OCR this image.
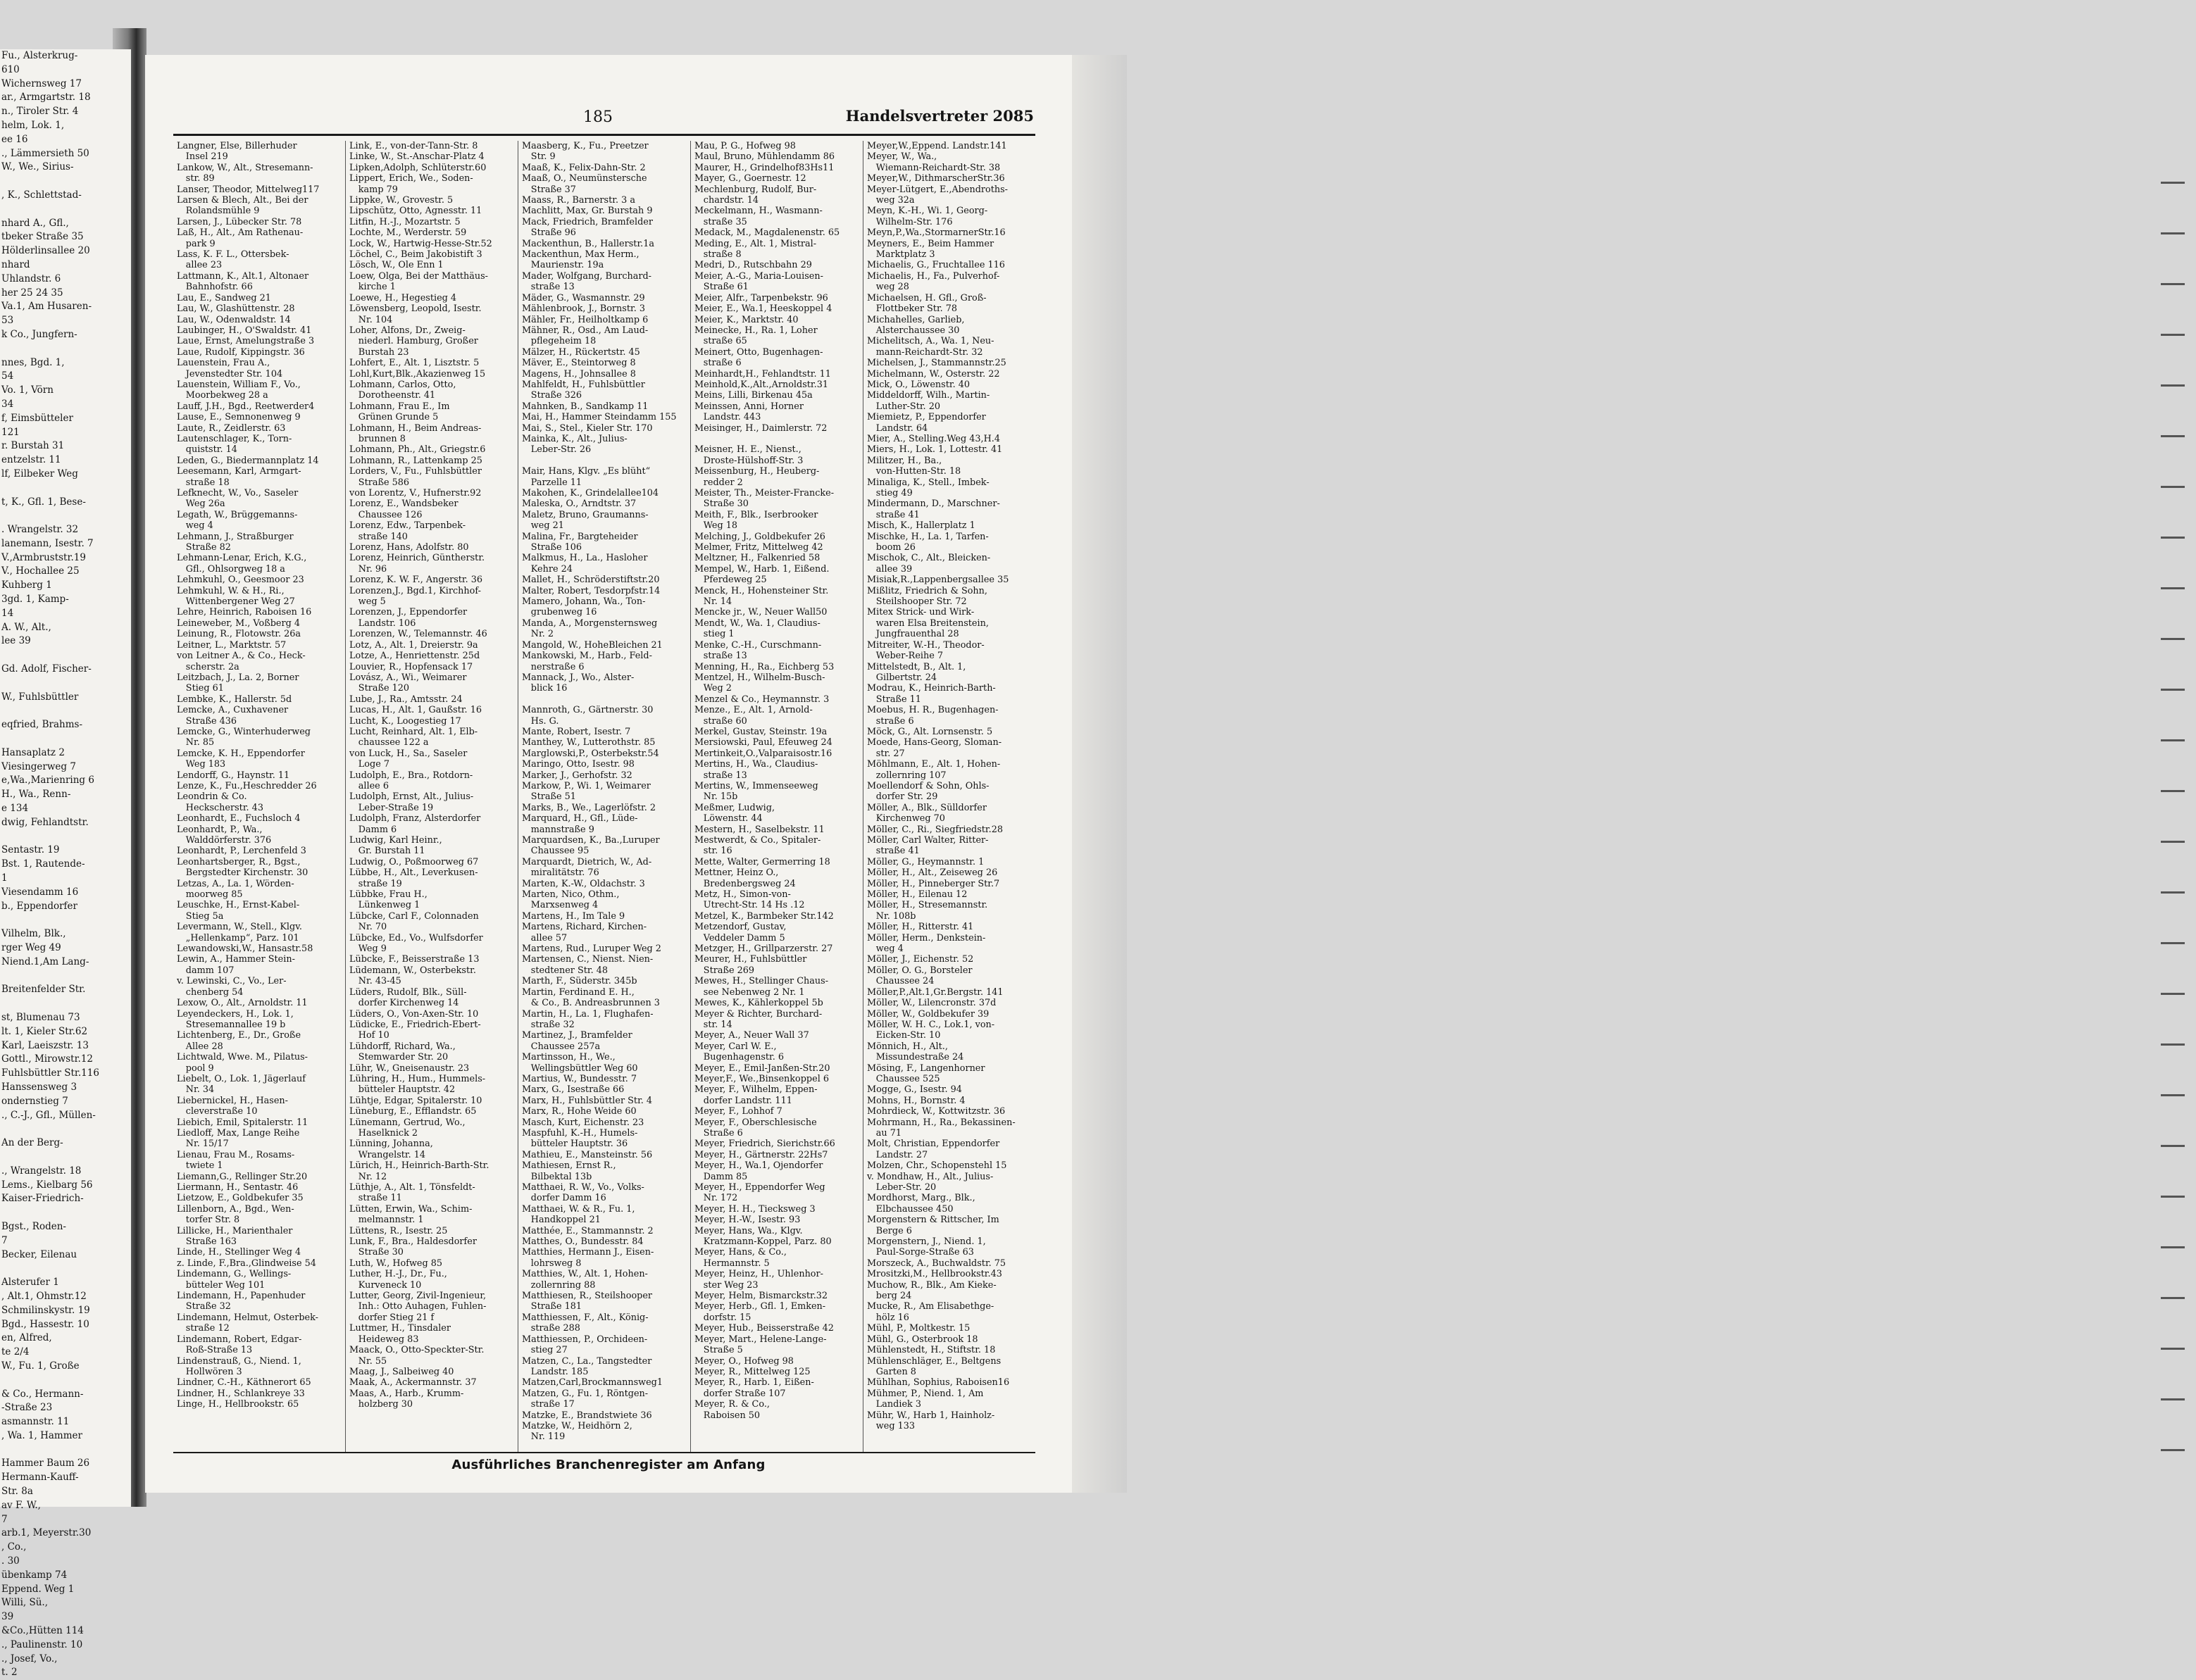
Fu., Alsterkrug-
610
Wichernsweg 17
ar., Armgartstr. 18
n., Tiroler Str. 4
helm, Lok. 1,
ee 16
., Lämmersieth 50
W., We., Sirius-

, K., Schlettstad-

nhard A., Gfl.,
tbeker Straße 35
Hölderlinsallee 20
nhard
Uhlandstr. 6
her 25 24 35
Va.1, Am Husaren-
53
k Co., Jungfern-

nnes, Bgd. 1,
54
Vo. 1, Vörn
34
f, Eimsbütteler
121
r. Burstah 31
entzelstr. 11
lf, Eilbeker Weg

t, K., Gfl. 1, Bese-

. Wrangelstr. 32
lanemann, Isestr. 7
V.,Armbruststr.19
V., Hochallee 25
Kuhberg 1
3gd. 1, Kamp-
14
A. W., Alt.,
lee 39

Gd. Adolf, Fischer-

W., Fuhlsbüttler

eqfried, Brahms-

Hansaplatz 2
Viesingerweg 7
e,Wa.,Marienring 6
H., Wa., Renn-
e 134
dwig, Fehlandtstr.

Sentastr. 19
Bst. 1, Rautende-
1
Viesendamm 16
b., Eppendorfer

Vilhelm, Blk.,
rger Weg 49
Niend.1,Am Lang-

Breitenfelder Str.

st, Blumenau 73
lt. 1, Kieler Str.62
Karl, Laeiszstr. 13
Gottl., Mirowstr.12
Fuhlsbüttler Str.116
Hanssensweg 3
ondernstieg 7
., C.-J., Gfl., Müllen-

An der Berg-

., Wrangelstr. 18
Lems., Kielbarg 56
Kaiser-Friedrich-

Bgst., Roden-
7
Becker, Eilenau

Alsterufer 1
, Alt.1, Ohmstr.12
Schmilinskystr. 19
Bgd., Hassestr. 10
en, Alfred,
te 2/4
W., Fu. 1, Große

& Co., Hermann-
-Straße 23
asmannstr. 11
, Wa. 1, Hammer

Hammer Baum 26
Hermann-Kauff-
Str. 8a
av F. W.,
7
arb.1, Meyerstr.30
, Co.,
. 30
übenkamp 74
Eppend. Weg 1
Willi, Sü.,
39
&Co.,Hütten 114
., Paulinenstr. 10
., Josef, Vo.,
t. 2
185	Handelsvertreter 2085
Langner, Else, Billerhuder
 Insel 219
Lankow, W., Alt., Stresemann-
 str. 89
Lanser, Theodor, Mittelweg117
Larsen & Blech, Alt., Bei der
 Rolandsmühle 9
Larsen, J., Lübecker Str. 78
Laß, H., Alt., Am Rathenau-
 park 9
Lass, K. F. L., Ottersbek-
 allee 23
Lattmann, K., Alt.1, Altonaer
 Bahnhofstr. 66
Lau, E., Sandweg 21
Lau, W., Glashüttenstr. 28
Lau, W., Odenwaldstr. 14
Laubinger, H., O'Swaldstr. 41
Laue, Ernst, Amelungstraße 3
Laue, Rudolf, Kippingstr. 36
Lauenstein, Frau A.,
 Jevenstedter Str. 104
Lauenstein, William F., Vo.,
 Moorbekweg 28 a
Lauff, J.H., Bgd., Reetwerder4
Lause, E., Semnonenweg 9
Laute, R., Zeidlerstr. 63
Lautenschlager, K., Torn-
 quiststr. 14
Leden, G., Biedermannplatz 14
Leesemann, Karl, Armgart-
 straße 18
Lefknecht, W., Vo., Saseler
 Weg 26a
Legath, W., Brüggemanns-
 weg 4
Lehmann, J., Straßburger
 Straße 82
Lehmann-Lenar, Erich, K.G.,
 Gfl., Ohlsorgweg 18 a
Lehmkuhl, O., Geesmoor 23
Lehmkuhl, W. & H., Ri.,
 Wittenbergener Weg 27
Lehre, Heinrich, Raboisen 16
Leineweber, M., Voßberg 4
Leinung, R., Flotowstr. 26a
Leitner, L., Marktstr. 57
von Leitner A., & Co., Heck-
 scherstr. 2a
Leitzbach, J., La. 2, Borner
 Stieg 61
Lembke, K., Hallerstr. 5d
Lemcke, A., Cuxhavener
 Straße 436
Lemcke, G., Winterhuderweg
 Nr. 85
Lemcke, K. H., Eppendorfer
 Weg 183
Lendorff, G., Haynstr. 11
Lenze, K., Fu.,Heschredder 26
Leondrin & Co.
 Heckscherstr. 43
Leonhardt, E., Fuchsloch 4
Leonhardt, P., Wa.,
 Walddörferstr. 376
Leonhardt, P., Lerchenfeld 3
Leonhartsberger, R., Bgst.,
 Bergstedter Kirchenstr. 30
Letzas, A., La. 1, Wörden-
 moorweg 85
Leuschke, H., Ernst-Kabel-
 Stieg 5a
Levermann, W., Stell., Klgv.
 „Hellenkamp“, Parz. 101
Lewandowski,W., Hansastr.58
Lewin, A., Hammer Stein-
 damm 107
v. Lewinski, C., Vo., Ler-
 chenberg 54
Lexow, O., Alt., Arnoldstr. 11
Leyendeckers, H., Lok. 1,
 Stresemannallee 19 b
Lichtenberg, E., Dr., Große
 Allee 28
Lichtwald, Wwe. M., Pilatus-
 pool 9
Liebelt, O., Lok. 1, Jägerlauf
 Nr. 34
Liebernickel, H., Hasen-
 cleverstraße 10
Liebich, Emil, Spitalerstr. 11
Liedloff, Max, Lange Reihe
 Nr. 15/17
Lienau, Frau M., Rosams-
 twiete 1
Liemann,G., Rellinger Str.20
Liermann, H., Sentastr. 46
Lietzow, E., Goldbekufer 35
Lillenborn, A., Bgd., Wen-
 torfer Str. 8
Lillicke, H., Marienthaler
 Straße 163
Linde, H., Stellinger Weg 4
z. Linde, F.,Bra.,Glindweise 54
Lindemann, G., Wellings-
 bütteler Weg 101
Lindemann, H., Papenhuder
 Straße 32
Lindemann, Helmut, Osterbek-
 straße 12
Lindemann, Robert, Edgar-
 Roß-Straße 13
Lindenstrauß, G., Niend. 1,
 Hollwören 3
Lindner, C.-H., Käthnerort 65
Lindner, H., Schlankreye 33
Linge, H., Hellbrookstr. 65
Link, E., von-der-Tann-Str. 8
Linke, W., St.-Anschar-Platz 4
Lipken,Adolph, Schlüterstr.60
Lippert, Erich, We., Soden-
 kamp 79
Lippke, W., Grovestr. 5
Lipschütz, Otto, Agnesstr. 11
Litfin, H.-J., Mozartstr. 5
Lochte, M., Werderstr. 59
Lock, W., Hartwig-Hesse-Str.52
Löchel, C., Beim Jakobistift 3
Lösch, W., Ole Enn 1
Loew, Olga, Bei der Matthäus-
 kirche 1
Loewe, H., Hegestieg 4
Löwensberg, Leopold, Isestr.
 Nr. 104
Loher, Alfons, Dr., Zweig-
 niederl. Hamburg, Großer
 Burstah 23
Lohfert, E., Alt. 1, Lisztstr. 5
Lohl,Kurt,Blk.,Akazienweg 15
Lohmann, Carlos, Otto,
 Dorotheenstr. 41
Lohmann, Frau E., Im
 Grünen Grunde 5
Lohmann, H., Beim Andreas-
 brunnen 8
Lohmann, Ph., Alt., Griegstr.6
Lohmann, R., Lattenkamp 25
Lorders, V., Fu., Fuhlsbüttler
 Straße 586
von Lorentz, V., Hufnerstr.92
Lorenz, E., Wandsbeker
 Chaussee 126
Lorenz, Edw., Tarpenbek-
 straße 140
Lorenz, Hans, Adolfstr. 80
Lorenz, Heinrich, Güntherstr.
 Nr. 96
Lorenz, K. W. F., Angerstr. 36
Lorenzen,J., Bgd.1, Kirchhof-
 weg 5
Lorenzen, J., Eppendorfer
 Landstr. 106
Lorenzen, W., Telemannstr. 46
Lotz, A., Alt. 1, Dreierstr. 9a
Lotze, A., Henriettenstr. 25d
Louvier, R., Hopfensack 17
Lovász, A., Wi., Weimarer
 Straße 120
Lube, J., Ra., Amtsstr. 24
Lucas, H., Alt. 1, Gaußstr. 16
Lucht, K., Loogestieg 17
Lucht, Reinhard, Alt. 1, Elb-
 chaussee 122 a
von Luck, H., Sa., Saseler
 Loge 7
Ludolph, E., Bra., Rotdorn-
 allee 6
Ludolph, Ernst, Alt., Julius-
 Leber-Straße 19
Ludolph, Franz, Alsterdorfer
 Damm 6
Ludwig, Karl Heinr.,
 Gr. Burstah 11
Ludwig, O., Poßmoorweg 67
Lübbe, H., Alt., Leverkusen-
 straße 19
Lübbke, Frau H.,
 Lünkenweg 1
Lübcke, Carl F., Colonnaden
 Nr. 70
Lübcke, Ed., Vo., Wulfsdorfer
 Weg 9
Lübcke, F., Beisserstraße 13
Lüdemann, W., Osterbekstr.
 Nr. 43-45
Lüders, Rudolf, Blk., Süll-
 dorfer Kirchenweg 14
Lüders, O., Von-Axen-Str. 10
Lüdicke, E., Friedrich-Ebert-
 Hof 10
Lühdorff, Richard, Wa.,
 Stemwarder Str. 20
Lühr, W., Gneisenaustr. 23
Lühring, H., Hum., Hummels-
 bütteler Hauptstr. 42
Lühtje, Edgar, Spitalerstr. 10
Lüneburg, E., Efflandstr. 65
Lünemann, Gertrud, Wo.,
 Haselknick 2
Lünning, Johanna,
 Wrangelstr. 14
Lürich, H., Heinrich-Barth-Str.
 Nr. 12
Lüthje, A., Alt. 1, Tönsfeldt-
 straße 11
Lütten, Erwin, Wa., Schim-
 melmannstr. 1
Lüttens, R., Isestr. 25
Lunk, F., Bra., Haldesdorfer
 Straße 30
Luth, W., Hofweg 85
Luther, H.-J., Dr., Fu.,
 Kurveneck 10
Lutter, Georg, Zivil-Ingenieur,
 Inh.: Otto Auhagen, Fuhlen-
 dorfer Stieg 21 f
Luttmer, H., Tinsdaler
 Heideweg 83
Maack, O., Otto-Speckter-Str.
 Nr. 55
Maag, J., Salbeiweg 40
Maak, A., Ackermannstr. 37
Maas, A., Harb., Krumm-
 holzberg 30
Maasberg, K., Fu., Preetzer
 Str. 9
Maaß, K., Felix-Dahn-Str. 2
Maaß, O., Neumünstersche
 Straße 37
Maass, R., Barnerstr. 3 a
Machlitt, Max, Gr. Burstah 9
Mack, Friedrich, Bramfelder
 Straße 96
Mackenthun, B., Hallerstr.1a
Mackenthun, Max Herm.,
 Maurienstr. 19a
Mader, Wolfgang, Burchard-
 straße 13
Mäder, G., Wasmannstr. 29
Mählenbrook, J., Bornstr. 3
Mähler, Fr., Heilholtkamp 6
Mähner, R., Osd., Am Laud-
 pflegeheim 18
Mälzer, H., Rückertstr. 45
Mäver, E., Steintorweg 8
Magens, H., Johnsallee 8
Mahlfeldt, H., Fuhlsbüttler
 Straße 326
Mahnken, B., Sandkamp 11
Mai, H., Hammer Steindamm 155
Mai, S., Stel., Kieler Str. 170
Mainka, K., Alt., Julius-
 Leber-Str. 26

Mair, Hans, Klgv. „Es blüht“
 Parzelle 11
Makohen, K., Grindelallee104
Maleska, O., Arndtstr. 37
Maletz, Bruno, Graumanns-
 weg 21
Malina, Fr., Bargteheider
 Straße 106
Malkmus, H., La., Hasloher
 Kehre 24
Mallet, H., Schröderstiftstr.20
Malter, Robert, Tesdorpfstr.14
Mamero, Johann, Wa., Ton-
 grubenweg 16
Manda, A., Morgensternsweg
 Nr. 2
Mangold, W., HoheBleichen 21
Mankowski, M., Harb., Feld-
 nerstraße 6
Mannack, J., Wo., Alster-
 blick 16

Mannroth, G., Gärtnerstr. 30
 Hs. G.
Mante, Robert, Isestr. 7
Manthey, W., Lutterothstr. 85
Marglowski,P., Osterbekstr.54
Maringo, Otto, Isestr. 98
Marker, J., Gerhofstr. 32
Markow, P., Wi. 1, Weimarer
 Straße 51
Marks, B., We., Lagerlöfstr. 2
Marquard, H., Gfl., Lüde-
 mannstraße 9
Marquardsen, K., Ba.,Luruper
 Chaussee 95
Marquardt, Dietrich, W., Ad-
 miralitätstr. 76
Marten, K.-W., Oldachstr. 3
Marten, Nico, Othm.,
 Marxsenweg 4
Martens, H., Im Tale 9
Martens, Richard, Kirchen-
 allee 57
Martens, Rud., Luruper Weg 2
Martensen, C., Nienst. Nien-
 stedtener Str. 48
Marth, F., Süderstr. 345b
Martin, Ferdinand E. H.,
 & Co., B. Andreasbrunnen 3
Martin, H., La. 1, Flughafen-
 straße 32
Martinez, J., Bramfelder
 Chaussee 257a
Martinsson, H., We.,
 Wellingsbüttler Weg 60
Martius, W., Bundesstr. 7
Marx, G., Isestraße 66
Marx, H., Fuhlsbüttler Str. 4
Marx, R., Hohe Weide 60
Masch, Kurt, Eichenstr. 23
Maspfuhl, K.-H., Humels-
 bütteler Hauptstr. 36
Mathieu, E., Mansteinstr. 56
Mathiesen, Ernst R.,
 Bilbektal 13b
Matthaei, R. W., Vo., Volks-
 dorfer Damm 16
Matthaei, W. & R., Fu. 1,
 Handkoppel 21
Matthée, E., Stammannstr. 2
Matthes, O., Bundesstr. 84
Matthies, Hermann J., Eisen-
 lohrsweg 8
Matthies, W., Alt. 1, Hohen-
 zollernring 88
Matthiesen, R., Steilshooper
 Straße 181
Matthiessen, F., Alt., König-
 straße 288
Matthiessen, P., Orchideen-
 stieg 27
Matzen, C., La., Tangstedter
 Landstr. 185
Matzen,Carl,Brockmannsweg1
Matzen, G., Fu. 1, Röntgen-
 straße 17
Matzke, E., Brandstwiete 36
Matzke, W., Heidhörn 2,
 Nr. 119
Mau, P. G., Hofweg 98
Maul, Bruno, Mühlendamm 86
Maurer, H., Grindelhof83Hs11
Mayer, G., Goernestr. 12
Mechlenburg, Rudolf, Bur-
 chardstr. 14
Meckelmann, H., Wasmann-
 straße 35
Medack, M., Magdalenenstr. 65
Meding, E., Alt. 1, Mistral-
 straße 8
Medri, D., Rutschbahn 29
Meier, A.-G., Maria-Louisen-
 Straße 61
Meier, Alfr., Tarpenbekstr. 96
Meier, E., Wa.1, Heeskoppel 4
Meier, K., Marktstr. 40
Meinecke, H., Ra. 1, Loher
 straße 65
Meinert, Otto, Bugenhagen-
 straße 6
Meinhardt,H., Fehlandtstr. 11
Meinhold,K.,Alt.,Arnoldstr.31
Meins, Lilli, Birkenau 45a
Meinssen, Anni, Horner
 Landstr. 443
Meisinger, H., Daimlerstr. 72

Meisner, H. E., Nienst.,
 Droste-Hülshoff-Str. 3
Meissenburg, H., Heuberg-
 redder 2
Meister, Th., Meister-Francke-
 Straße 30
Meith, F., Blk., Iserbrooker
 Weg 18
Melching, J., Goldbekufer 26
Melmer, Fritz, Mittelweg 42
Meltzner, H., Falkenried 58
Mempel, W., Harb. 1, Eißend.
 Pferdeweg 25
Menck, H., Hohensteiner Str.
 Nr. 14
Mencke jr., W., Neuer Wall50
Mendt, W., Wa. 1, Claudius-
 stieg 1
Menke, C.-H., Curschmann-
 straße 13
Menning, H., Ra., Eichberg 53
Mentzel, H., Wilhelm-Busch-
 Weg 2
Menzel & Co., Heymannstr. 3
Menze., E., Alt. 1, Arnold-
 straße 60
Merkel, Gustav, Steinstr. 19a
Mersiowski, Paul, Efeuweg 24
Mertinkeit,O.,Valparaisostr.16
Mertins, H., Wa., Claudius-
 straße 13
Mertins, W., Immenseeweg
 Nr. 15b
Meßmer, Ludwig,
 Löwenstr. 44
Mestern, H., Saselbekstr. 11
Mestwerdt, & Co., Spitaler-
 str. 16
Mette, Walter, Germerring 18
Mettner, Heinz O.,
 Bredenbergsweg 24
Metz, H., Simon-von-
 Utrecht-Str. 14 Hs .12
Metzel, K., Barmbeker Str.142
Metzendorf, Gustav,
 Veddeler Damm 5
Metzger, H., Grillparzerstr. 27
Meurer, H., Fuhlsbüttler
 Straße 269
Mewes, H., Stellinger Chaus-
 see Nebenweg 2 Nr. 1
Mewes, K., Kählerkoppel 5b
Meyer & Richter, Burchard-
 str. 14
Meyer, A., Neuer Wall 37
Meyer, Carl W. E.,
 Bugenhagenstr. 6
Meyer, E., Emil-Janßen-Str.20
Meyer,F., We.,Binsenkoppel 6
Meyer, F., Wilhelm, Eppen-
 dorfer Landstr. 111
Meyer, F., Lohhof 7
Meyer, F., Oberschlesische
 Straße 6
Meyer, Friedrich, Sierichstr.66
Meyer, H., Gärtnerstr. 22Hs7
Meyer, H., Wa.1, Ojendorfer
 Damm 85
Meyer, H., Eppendorfer Weg
 Nr. 172
Meyer, H. H., Tiecksweg 3
Meyer, H.-W., Isestr. 93
Meyer, Hans, Wa., Klgv.
 Kratzmann-Koppel, Parz. 80
Meyer, Hans, & Co.,
 Hermannstr. 5
Meyer, Heinz, H., Uhlenhor-
 ster Weg 23
Meyer, Helm, Bismarckstr.32
Meyer, Herb., Gfl. 1, Emken-
 dorfstr. 15
Meyer, Hub., Beisserstraße 42
Meyer, Mart., Helene-Lange-
 Straße 5
Meyer, O., Hofweg 98
Meyer, R., Mittelweg 125
Meyer, R., Harb. 1, Eißen-
 dorfer Straße 107
Meyer, R. & Co.,
 Raboisen 50
Meyer,W.,Eppend. Landstr.141
Meyer, W., Wa.,
 Wiemann-Reichardt-Str. 38
Meyer,W., DithmarscherStr.36
Meyer-Lütgert, E.,Abendroths-
 weg 32a
Meyn, K.-H., Wi. 1, Georg-
 Wilhelm-Str. 176
Meyn,P.,Wa.,StormarnerStr.16
Meyners, E., Beim Hammer
 Marktplatz 3
Michaelis, G., Fruchtallee 116
Michaelis, H., Fa., Pulverhof-
 weg 28
Michaelsen, H. Gfl., Groß-
 Flottbeker Str. 78
Michahelles, Garlieb,
 Alsterchaussee 30
Michelitsch, A., Wa. 1, Neu-
 mann-Reichardt-Str. 32
Michelsen, J., Stammannstr.25
Michelmann, W., Osterstr. 22
Mick, O., Löwenstr. 40
Middeldorff, Wilh., Martin-
 Luther-Str. 20
Miemietz, P., Eppendorfer
 Landstr. 64
Mier, A., Stelling.Weg 43,H.4
Miers, H., Lok. 1, Lottestr. 41
Militzer, H., Ba.,
 von-Hutten-Str. 18
Minaliga, K., Stell., Imbek-
 stieg 49
Mindermann, D., Marschner-
 straße 41
Misch, K., Hallerplatz 1
Mischke, H., La. 1, Tarfen-
 boom 26
Mischok, C., Alt., Bleicken-
 allee 39
Misiak,R.,Lappenbergsallee 35
Mißlitz, Friedrich & Sohn,
 Steilshooper Str. 72
Mitex Strick- und Wirk-
 waren Elsa Breitenstein,
 Jungfrauenthal 28
Mitreiter, W.-H., Theodor-
 Weber-Reihe 7
Mittelstedt, B., Alt. 1,
 Gilbertstr. 24
Modrau, K., Heinrich-Barth-
 Straße 11
Moebus, H. R., Bugenhagen-
 straße 6
Möck, G., Alt. Lornsenstr. 5
Moede, Hans-Georg, Sloman-
 str. 27
Möhlmann, E., Alt. 1, Hohen-
 zollernring 107
Moellendorf & Sohn, Ohls-
 dorfer Str. 29
Möller, A., Blk., Sülldorfer
 Kirchenweg 70
Möller, C., Ri., Siegfriedstr.28
Möller, Carl Walter, Ritter-
 straße 41
Möller, G., Heymannstr. 1
Möller, H., Alt., Zeiseweg 26
Möller, H., Pinneberger Str.7
Möller, H., Eilenau 12
Möller, H., Stresemannstr.
 Nr. 108b
Möller, H., Ritterstr. 41
Möller, Herm., Denkstein-
 weg 4
Möller, J., Eichenstr. 52
Möller, O. G., Borsteler
 Chaussee 24
Möller,P.,Alt.1,Gr.Bergstr. 141
Möller, W., Lilencronstr. 37d
Möller, W., Goldbekufer 39
Möller, W. H. C., Lok.1, von-
 Eicken-Str. 10
Mönnich, H., Alt.,
 Missundestraße 24
Mösing, F., Langenhorner
 Chaussee 525
Mogge, G., Isestr. 94
Mohns, H., Bornstr. 4
Mohrdieck, W., Kottwitzstr. 36
Mohrmann, H., Ra., Bekassinen-
 au 71
Molt, Christian, Eppendorfer
 Landstr. 27
Molzen, Chr., Schopenstehl 15
v. Mondhaw, H., Alt., Julius-
 Leber-Str. 20
Mordhorst, Marg., Blk.,
 Elbchaussee 450
Morgenstern & Rittscher, Im
 Berge 6
Morgenstern, J., Niend. 1,
 Paul-Sorge-Straße 63
Morszeck, A., Buchwaldstr. 75
Mrositzki,M., Hellbrookstr.43
Muchow, R., Blk., Am Kieke-
 berg 24
Mucke, R., Am Elisabethge-
 hölz 16
Mühl, P., Moltkestr. 15
Mühl, G., Osterbrook 18
Mühlenstedt, H., Stiftstr. 18
Mühlenschläger, E., Beltgens
 Garten 8
Mühlhan, Sophius, Raboisen16
Mühmer, P., Niend. 1, Am
 Landiek 3
Mühr, W., Harb 1, Hainholz-
 weg 133
Ausführliches Branchenregister am Anfang
